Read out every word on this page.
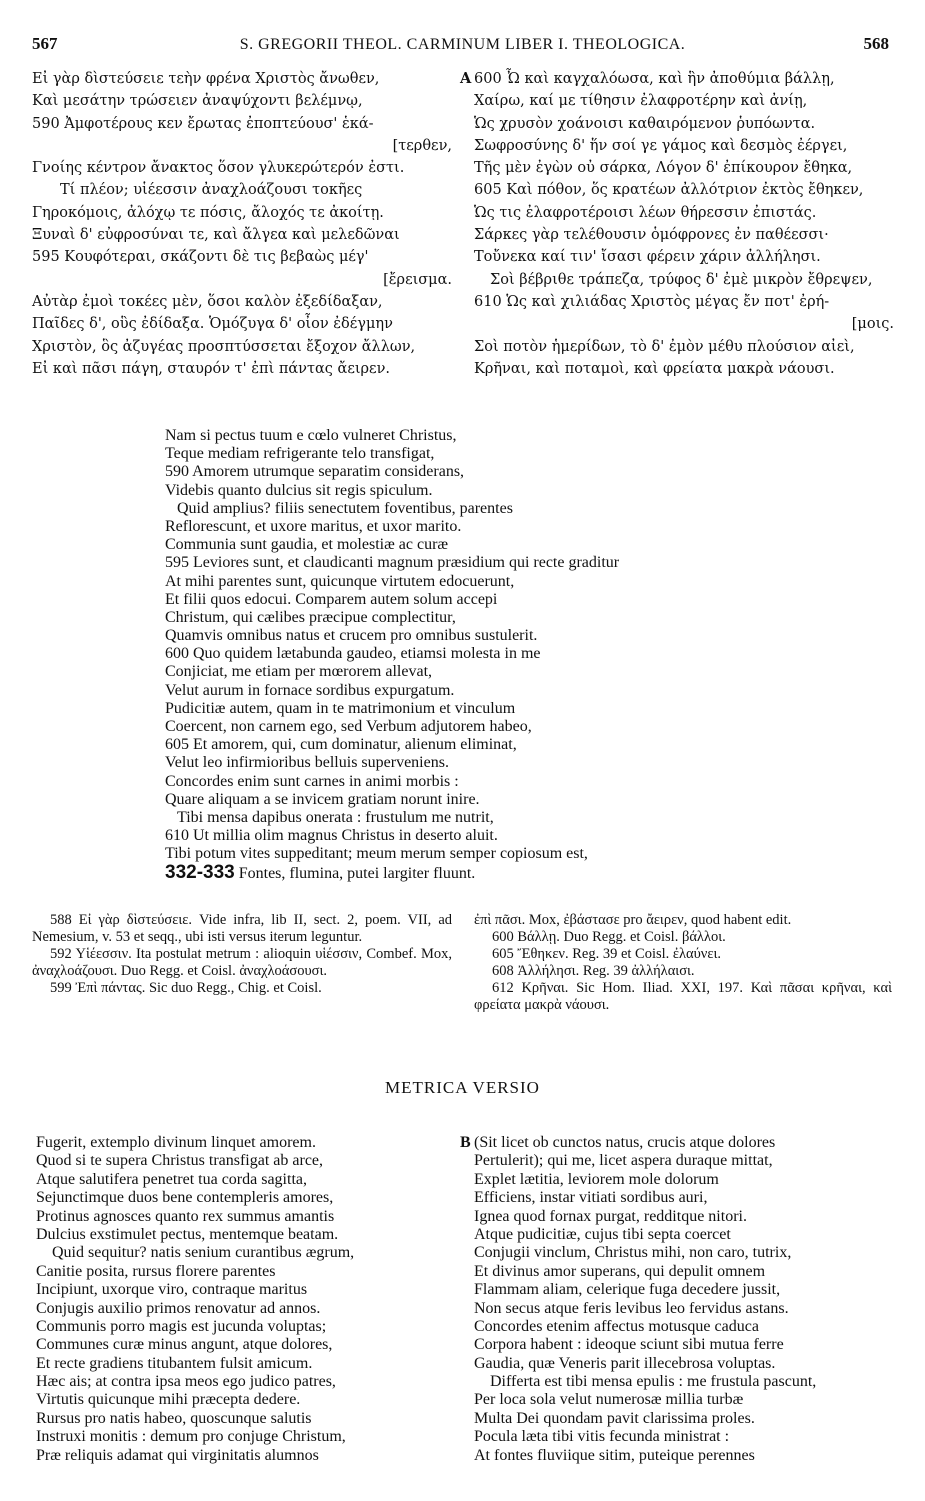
567	S. GREGORII THEOL. CARMINUM LIBER I. THEOLOGICA.	568
Εἰ γὰρ δὶστεύσειε τεὴν φρένα Χριστὸς ἄνωθεν,
Καὶ μεσάτην τρώσειεν ἀναψύχοντι βελέμνῳ,
590 Ἀμφοτέρους κεν ἔρωτας ἐποπτεύουσ' ἑκά-
[τερθεν,
Γνοίης κέντρον ἄνακτος ὅσον γλυκερώτερόν ἐστι.
Τί πλέον; υἱέεσσιν ἀναχλοάζουσι τοκῆες
Γηροκόμοις, ἀλόχῳ τε πόσις, ἄλοχός τε ἀκοίτῃ.
Ξυναὶ δ' εὐφροσύναι τε, καὶ ἄλγεα καὶ μελεδῶναι
595 Κουφότεραι, σκάζοντι δὲ τις βεβαὼς μέγ'
[ἔρεισμα.
Αὐτὰρ ἐμοὶ τοκέες μὲν, ὅσοι καλὸν ἐξεδίδαξαν,
Παῖδες δ', οὓς ἐδίδαξα. Ὁμόζυγα δ' οἶον ἐδέγμην
Χριστὸν, ὃς ἀζυγέας προσπτύσσεται ἔξοχον ἄλλων,
Εἰ καὶ πᾶσι πάγη, σταυρόν τ' ἐπὶ πάντας ἄειρεν.
A 600 Ὦ καὶ καγχαλόωσα, καὶ ἣν ἀποθύμια βάλλῃ,
Χαίρω, καί με τίθησιν ἐλαφροτέρην καὶ ἀνίῃ,
Ὡς χρυσὸν χοάνοισι καθαιρόμενον ῥυπόωντα.
Σωφροσύνης δ' ἥν σοί γε γάμος καὶ δεσμὸς ἐέργει,
Τῆς μὲν ἐγὼν οὐ σάρκα, Λόγον δ' ἐπίκουρον ἔθηκα,
605 Καὶ πόθον, ὅς κρατέων ἀλλότριον ἐκτὸς ἔθηκεν,
Ὡς τις ἐλαφροτέροισι λέων θήρεσσιν ἐπιστάς.
Σάρκες γὰρ τελέθουσιν ὁμόφρονες ἐν παθέεσσι·
Τοὔνεκα καί τιν' ἴσασι φέρειν χάριν ἀλλήλησι.
Σοὶ βέβριθε τράπεζα, τρύφος δ' ἐμὲ μικρὸν ἔθρεψεν,
610 Ὡς καὶ χιλιάδας Χριστὸς μέγας ἔν ποτ' ἐρή-
[μοις.
Σοὶ ποτὸν ἡμερίδων, τὸ δ' ἐμὸν μέθυ πλούσιον αἰεὶ,
Κρῆναι, καὶ ποταμοὶ, καὶ φρείατα μακρὰ νάουσι.
Nam si pectus tuum e cœlo vulneret Christus,
Teque mediam refrigerante telo transfigat,
590 Amorem utrumque separatim considerans,
Videbis quanto dulcius sit regis spiculum.
Quid amplius? filiis senectutem foventibus, parentes
Reflorescunt, et uxore maritus, et uxor marito.
Communia sunt gaudia, et molestiæ ac curæ
595 Leviores sunt, et claudicanti magnum præsidium qui recte graditur
At mihi parentes sunt, quicunque virtutem edocuerunt,
Et filii quos edocui. Comparem autem solum accepi
Christum, qui cælibes præcipue complectitur,
Quamvis omnibus natus et crucem pro omnibus sustulerit.
600 Quo quidem lætabunda gaudeo, etiamsi molesta in me
Conjiciat, me etiam per mœrorem allevat,
Velut aurum in fornace sordibus expurgatum.
Pudicitiæ autem, quam in te matrimonium et vinculum
Coercent, non carnem ego, sed Verbum adjutorem habeo,
605 Et amorem, qui, cum dominatur, alienum eliminat,
Velut leo infirmioribus belluis superveniens.
Concordes enim sunt carnes in animi morbis :
Quare aliquam a se invicem gratiam norunt inire.
Tibi mensa dapibus onerata : frustulum me nutrit,
610 Ut millia olim magnus Christus in deserto aluit.
Tibi potum vites suppeditant; meum merum semper copiosum est,
332-333 Fontes, flumina, putei largiter fluunt.

588 Εἰ γὰρ δὶστεύσειε. Vide infra, lib II, sect. 2, poem. VII, ad Nemesium, v. 53 et seqq., ubi isti versus iterum leguntur.

592 Υἱέεσσιν. Ita postulat metrum : alioquin υἱέσσιν, Combef. Mox, ἀναχλοάζουσι. Duo Regg. et Coisl. ἀναχλοάσουσι.

599 Ἐπὶ πάντας. Sic duo Regg., Chig. et Coisl.

ἐπὶ πᾶσι. Mox, ἐβάστασε pro ἄειρεν, quod habent edit.

600 Βάλλῃ. Duo Regg. et Coisl. βάλλοι.

605 Ἔθηκεν. Reg. 39 et Coisl. ἐλαύνει.

608 Ἀλλήλησι. Reg. 39 ἀλλήλαισι.

612 Κρῆναι. Sic Hom. Iliad. XXI, 197. Καὶ πᾶσαι κρῆναι, καὶ φρείατα μακρὰ νάουσι.

METRICA VERSIO
Fugerit, extemplo divinum linquet amorem.
Quod si te supera Christus transfigat ab arce,
Atque salutifera penetret tua corda sagitta,
Sejunctimque duos bene contempleris amores,
Protinus agnosces quanto rex summus amantis
Dulcius exstimulet pectus, mentemque beatam.
Quid sequitur? natis senium curantibus ægrum,
Canitie posita, rursus florere parentes
Incipiunt, uxorque viro, contraque maritus
Conjugis auxilio primos renovatur ad annos.
Communis porro magis est jucunda voluptas;
Communes curæ minus angunt, atque dolores,
Et recte gradiens titubantem fulsit amicum.
Hæc ais; at contra ipsa meos ego judico patres,
Virtutis quicunque mihi præcepta dedere.
Rursus pro natis habeo, quoscunque salutis
Instruxi monitis : demum pro conjuge Christum,
Præ reliquis adamat qui virginitatis alumnos
B (Sit licet ob cunctos natus, crucis atque dolores
Pertulerit); qui me, licet aspera duraque mittat,
Explet lætitia, leviorem mole dolorum
Efficiens, instar vitiati sordibus auri,
Ignea quod fornax purgat, redditque nitori.
Atque pudicitiæ, cujus tibi septa coercet
Conjugii vinclum, Christus mihi, non caro, tutrix,
Et divinus amor superans, qui depulit omnem
Flammam aliam, celerique fuga decedere jussit,
Non secus atque feris levibus leo fervidus astans.
Concordes etenim affectus motusque caduca
Corpora habent : ideoque sciunt sibi mutua ferre
Gaudia, quæ Veneris parit illecebrosa voluptas.
Differta est tibi mensa epulis : me frustula pascunt,
Per loca sola velut numerosæ millia turbæ
Multa Dei quondam pavit clarissima proles.
Pocula læta tibi vitis fecunda ministrat :
At fontes fluviique sitim, puteique perennes
